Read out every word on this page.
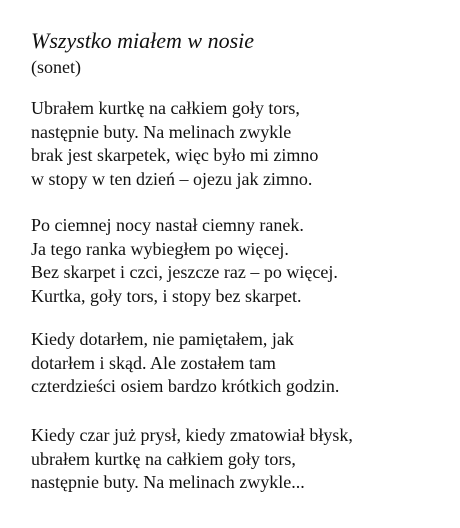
Wszystko miałem w nosie
(sonet)
Ubrałem kurtkę na całkiem goły tors,
następnie buty. Na melinach zwykle
brak jest skarpetek, więc było mi zimno
w stopy w ten dzień – ojezu jak zimno.
Po ciemnej nocy nastał ciemny ranek.
Ja tego ranka wybiegłem po więcej.
Bez skarpet i czci, jeszcze raz – po więcej.
Kurtka, goły tors, i stopy bez skarpet.
Kiedy dotarłem, nie pamiętałem, jak
dotarłem i skąd. Ale zostałem tam
czterdzieści osiem bardzo krótkich godzin.
Kiedy czar już prysł, kiedy zmatowiał błysk,
ubrałem kurtkę na całkiem goły tors,
następnie buty. Na melinach zwykle...
